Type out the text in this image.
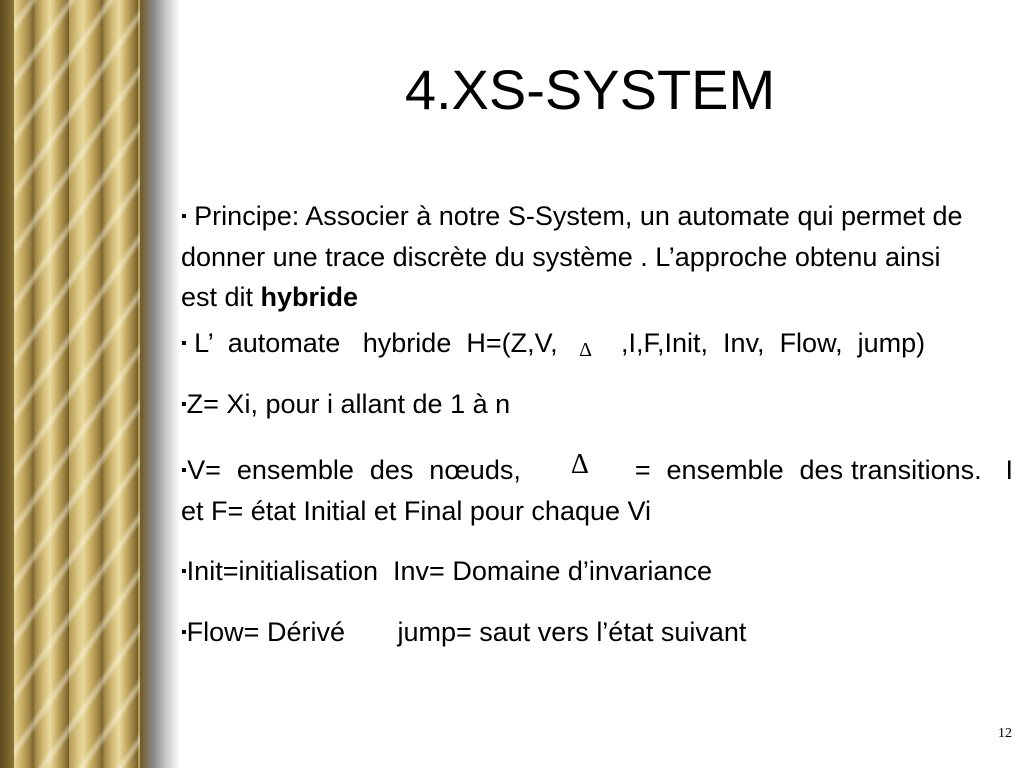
4.XS-SYSTEM

▪ Principe: Associer à notre S-System, un automate qui permet de donner une trace discrète du système . L’approche obtenu ainsi est dit hybride

▪ L’  automate   hybride  H=(Z,V, Δ  ,I,F,Init,  Inv,  Flow,  jump)

▪Z= Xi, pour i allant de 1 à n

▪V=  ensemble  des  nœuds, Δ =  ensemble  des transitions.   I et F= état Initial et Final pour chaque Vi

▪Init=initialisation  Inv= Domaine d’invariance

▪Flow= Dérivé       jump= saut vers l’état suivant

12
